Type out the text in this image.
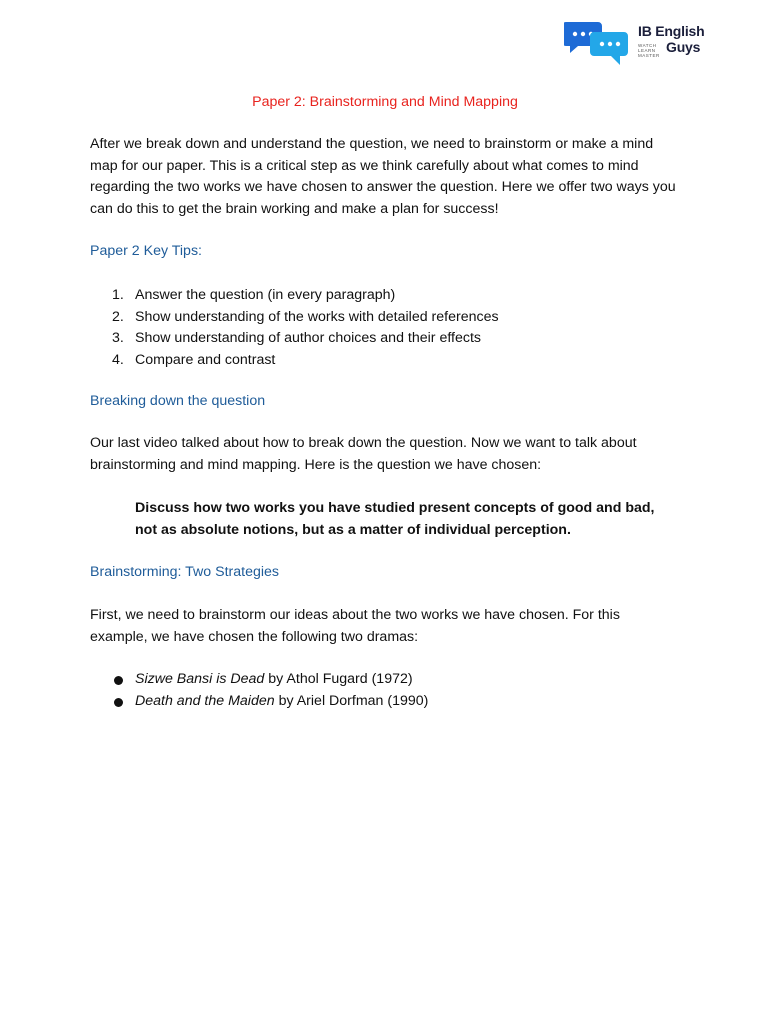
IB English
WATCH
LEARN
MASTER
Guys
Paper 2: Brainstorming and Mind Mapping

After we break down and understand the question, we need to brainstorm or make a mind map for our paper. This is a critical step as we think carefully about what comes to mind regarding the two works we have chosen to answer the question. Here we offer two ways you can do this to get the brain working and make a plan for success!

Paper 2 Key Tips:

1. Answer the question (in every paragraph)
2. Show understanding of the works with detailed references
3. Show understanding of author choices and their effects
4. Compare and contrast

Breaking down the question

Our last video talked about how to break down the question. Now we want to talk about brainstorming and mind mapping. Here is the question we have chosen:

Discuss how two works you have studied present concepts of good and bad, not as absolute notions, but as a matter of individual perception.

Brainstorming: Two Strategies

First, we need to brainstorm our ideas about the two works we have chosen. For this example, we have chosen the following two dramas:

Sizwe Bansi is Dead by Athol Fugard (1972)
Death and the Maiden by Ariel Dorfman (1990)
